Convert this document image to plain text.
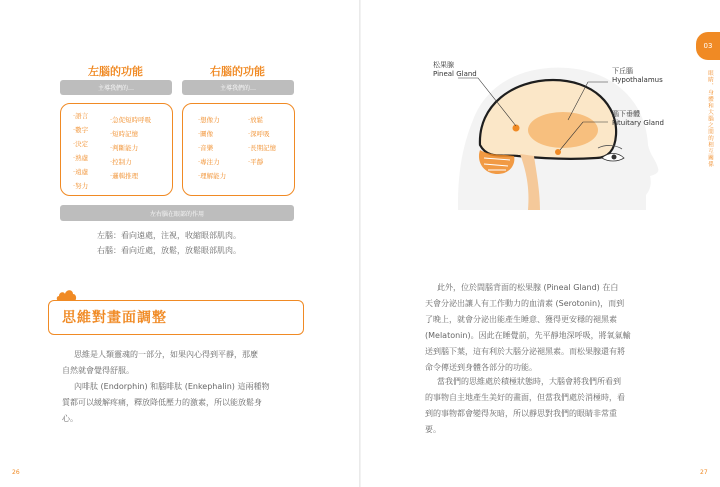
左腦的功能	右腦的功能
主導我們的…	主導我們的…
‧語言
‧數字
‧決定
‧熟慮
‧遠慮
‧努力
‧急促短時呼吸
‧短時記憶
‧判斷能力
‧控制力
‧邏輯推理
‧想像力
‧圖像
‧音樂
‧專注力
‧理解能力
‧放鬆
‧深呼吸
‧長期記憶
‧平靜
左右腦在眼部的作用
左腦：看向遠處，注視，收縮眼部肌肉。
右腦：看向近處，放鬆，放鬆眼部肌肉。
思維對畫面調整
思維是人類靈魂的一部分，如果內心得到平靜，那麼
自然就會覺得舒服。
內啡肽 (Endorphin) 和腦啡肽 (Enkephalin) 這兩種物
質都可以緩解疼痛，釋放降低壓力的激素，所以能放鬆身
心。
26
03
眼睛，身體和大腦之間的相互關係
松果腺
Pineal Gland	下丘腦
Hypothalamus
腦下垂體
Pituitary Gland
此外，位於間腦背面的松果腺 (Pineal Gland) 在白
天會分泌出讓人有工作動力的血清素 (Serotonin)，而到
了晚上，就會分泌出能產生睡意、獲得更安穩的褪黑素
(Melatonin)。因此在睡覺前，先平靜地深呼吸，將氧氣輸
送到腦下葉，這有利於大腦分泌褪黑素。而松果腺還有將
命令傳送到身體各部分的功能。
當我們的思維處於積極狀態時，大腦會將我們所看到
的事物自主地產生美好的畫面，但當我們處於消極時，看
到的事物都會變得灰暗，所以靜思對我們的眼睛非常重
要。
27
